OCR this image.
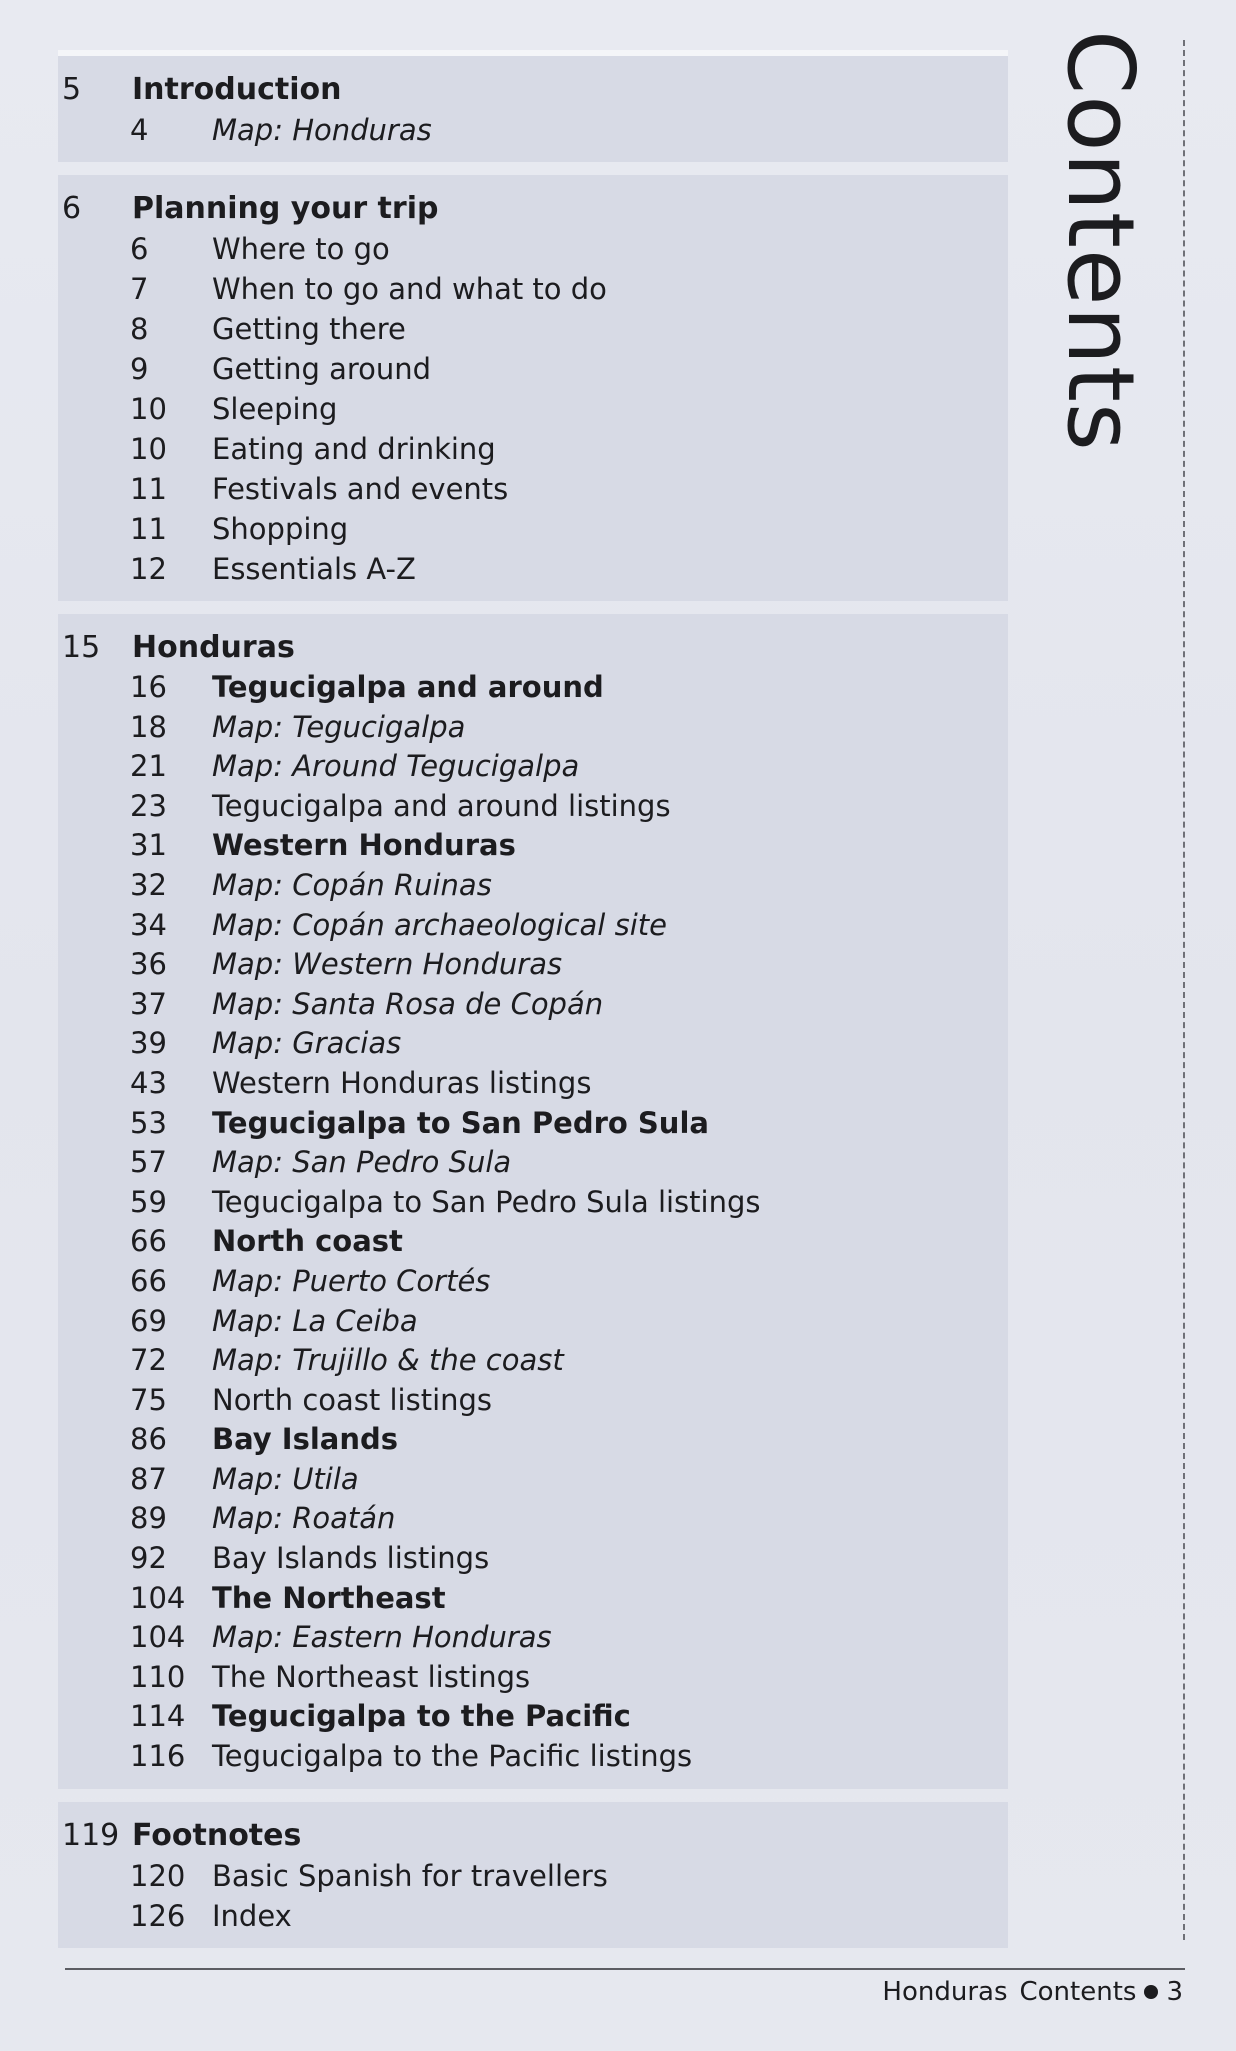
5	Introduction
4	Map: Honduras
6	Planning your trip
6	Where to go
7	When to go and what to do
8	Getting there
9	Getting around
10	Sleeping
10	Eating and drinking
11	Festivals and events
11	Shopping
12	Essentials A-Z
15	Honduras
16	Tegucigalpa and around
18	Map: Tegucigalpa
21	Map: Around Tegucigalpa
23	Tegucigalpa and around listings
31	Western Honduras
32	Map: Copán Ruinas
34	Map: Copán archaeological site
36	Map: Western Honduras
37	Map: Santa Rosa de Copán
39	Map: Gracias
43	Western Honduras listings
53	Tegucigalpa to San Pedro Sula
57	Map: San Pedro Sula
59	Tegucigalpa to San Pedro Sula listings
66	North coast
66	Map: Puerto Cortés
69	Map: La Ceiba
72	Map: Trujillo & the coast
75	North coast listings
86	Bay Islands
87	Map: Utila
89	Map: Roatán
92	Bay Islands listings
104 The Northeast
104 Map: Eastern Honduras
110 The Northeast listings
114 Tegucigalpa to the Pacific
116 Tegucigalpa to the Pacific listings
119 Footnotes
120 Basic Spanish for travellers
126 Index
Contents
Honduras Contents 3
